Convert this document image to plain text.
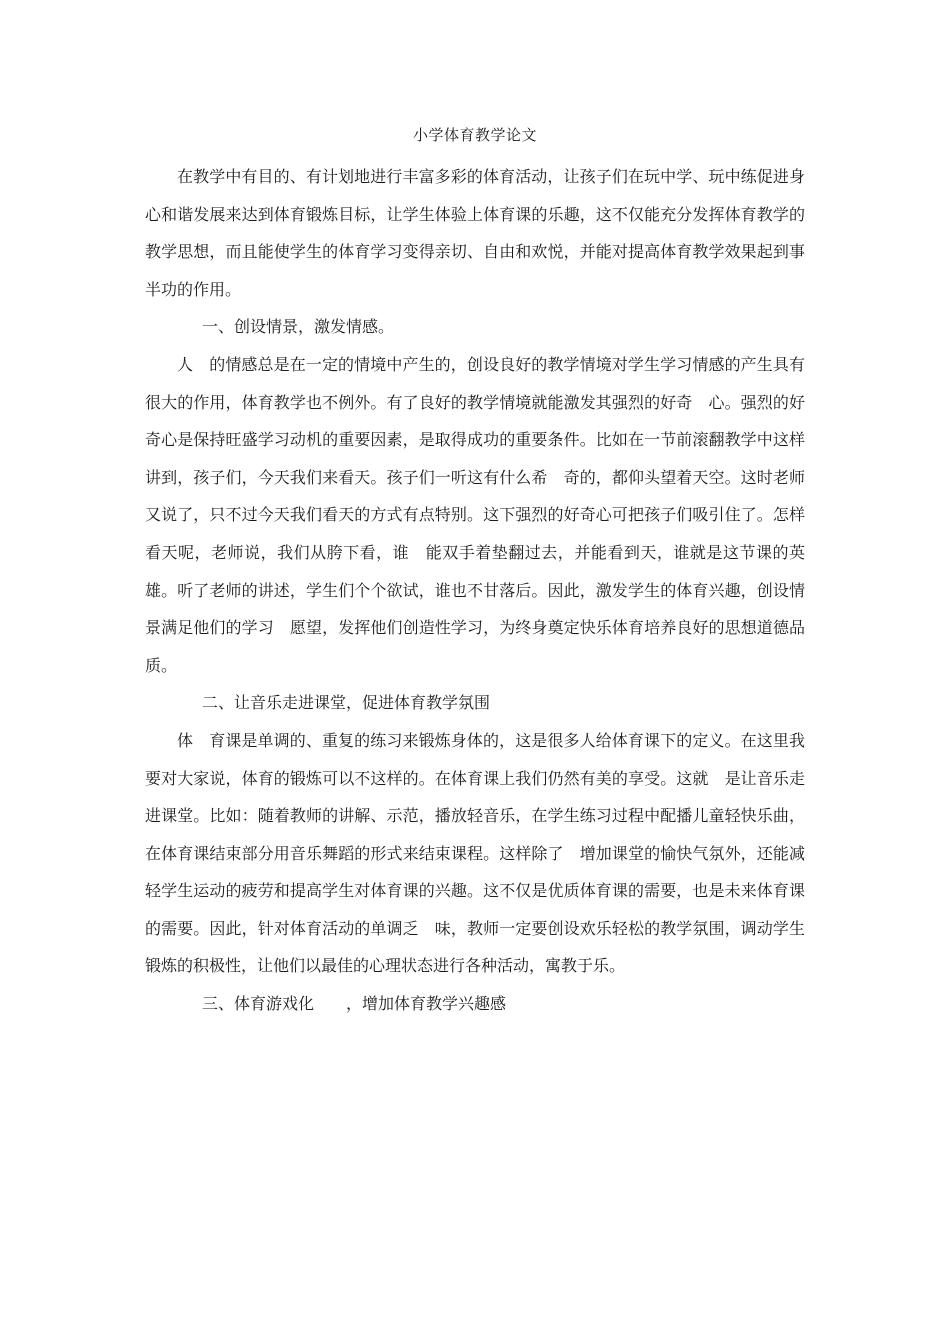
小学体育教学论文

在教学中有目的、有计划地进行丰富多彩的体育活动，让孩子们在玩中学、玩中练促进身心和谐发展来达到体育锻炼目标，让学生体验上体育课的乐趣，这不仅能充分发挥体育教学的教学思想，而且能使学生的体育学习变得亲切、自由和欢悦，并能对提高体育教学效果起到事半功的作用。

一、创设情景，激发情感。

人　的情感总是在一定的情境中产生的，创设良好的教学情境对学生学习情感的产生具有很大的作用，体育教学也不例外。有了良好的教学情境就能激发其强烈的好奇　心。强烈的好奇心是保持旺盛学习动机的重要因素，是取得成功的重要条件。比如在一节前滚翻教学中这样讲到，孩子们，今天我们来看天。孩子们一听这有什么希　奇的，都仰头望着天空。这时老师又说了，只不过今天我们看天的方式有点特别。这下强烈的好奇心可把孩子们吸引住了。怎样看天呢，老师说，我们从胯下看，谁　能双手着垫翻过去，并能看到天，谁就是这节课的英雄。听了老师的讲述，学生们个个欲试，谁也不甘落后。因此，激发学生的体育兴趣，创设情景满足他们的学习　愿望，发挥他们创造性学习，为终身奠定快乐体育培养良好的思想道德品质。

二、让音乐走进课堂，促进体育教学氛围

体　育课是单调的、重复的练习来锻炼身体的，这是很多人给体育课下的定义。在这里我要对大家说，体育的锻炼可以不这样的。在体育课上我们仍然有美的享受。这就　是让音乐走进课堂。比如：随着教师的讲解、示范，播放轻音乐，在学生练习过程中配播儿童轻快乐曲，在体育课结束部分用音乐舞蹈的形式来结束课程。这样除了　增加课堂的愉快气氛外，还能减轻学生运动的疲劳和提高学生对体育课的兴趣。这不仅是优质体育课的需要，也是未来体育课的需要。因此，针对体育活动的单调乏　味，教师一定要创设欢乐轻松的教学氛围，调动学生锻炼的积极性，让他们以最佳的心理状态进行各种活动，寓教于乐。

三、体育游戏化　　，增加体育教学兴趣感
